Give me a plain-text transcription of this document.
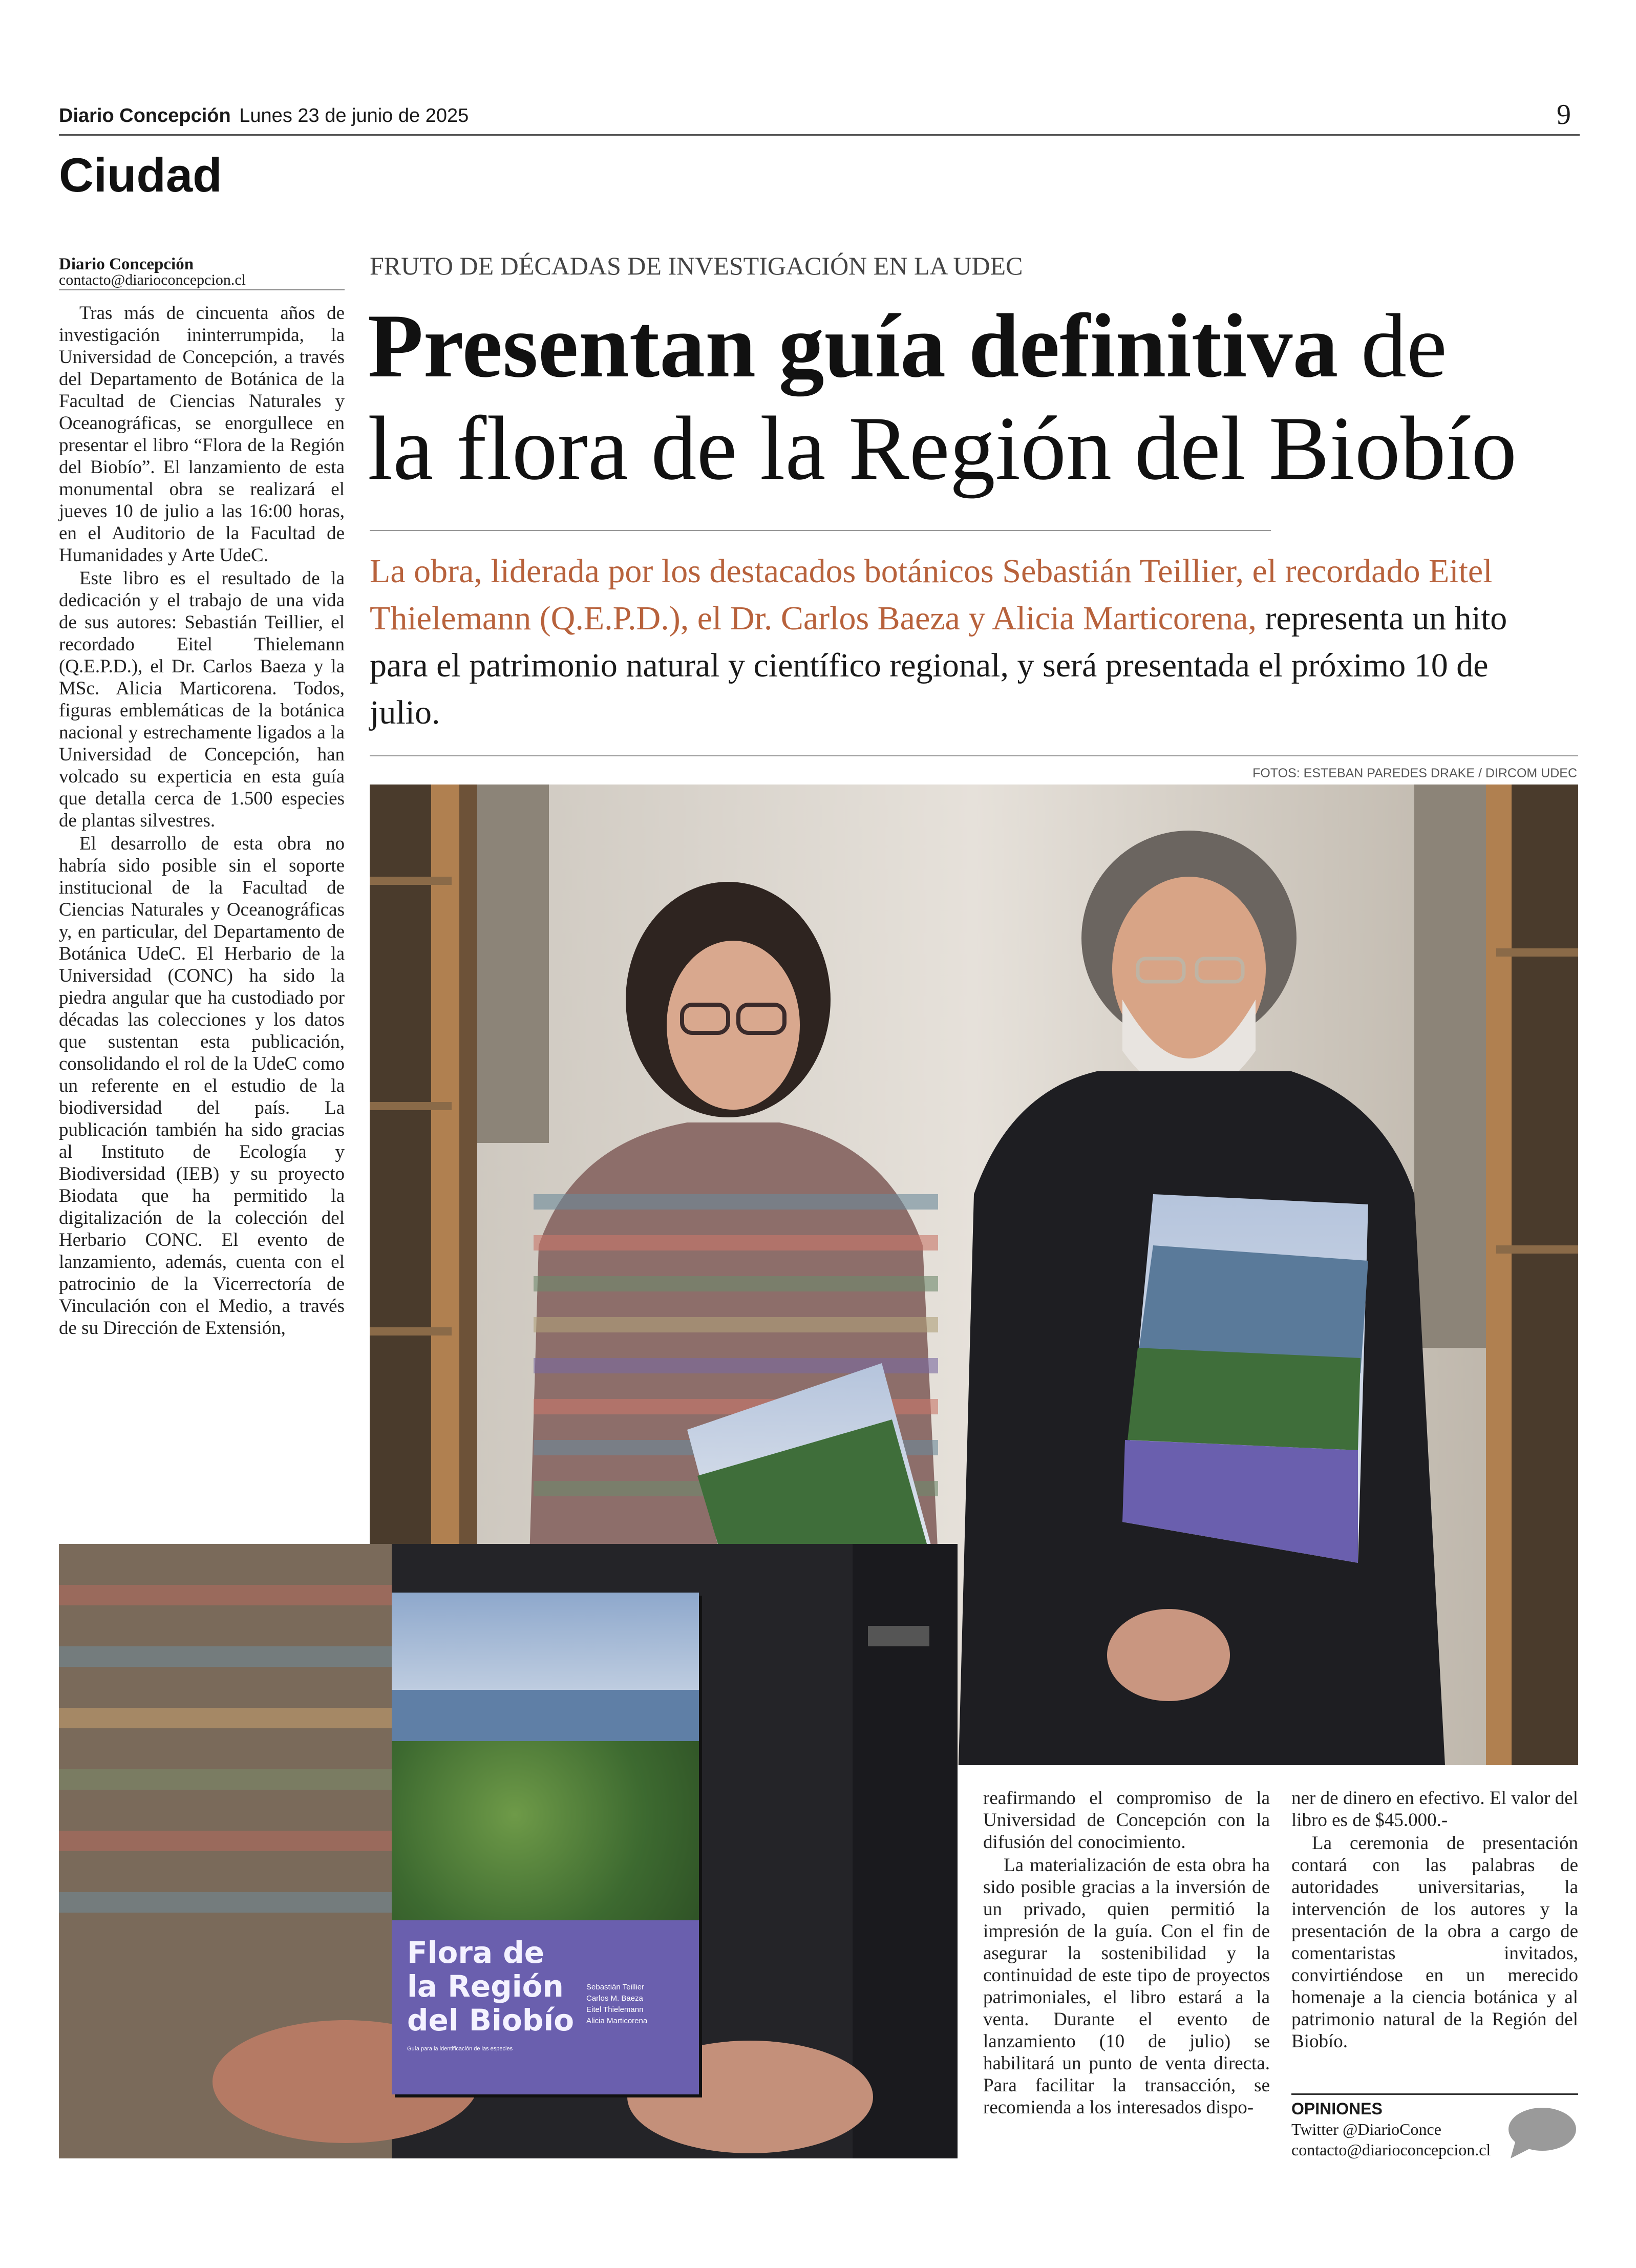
Diario Concepción Lunes 23 de junio de 2025	9
Ciudad
Diario Concepción
contacto@diarioconcepcion.cl

Tras más de cincuenta años de investigación ininterrumpida, la Universidad de Concepción, a través del Departamento de Botánica de la Facultad de Ciencias Naturales y Oceanográficas, se enorgullece en presentar el libro “Flora de la Región del Biobío”. El lanzamiento de esta monumental obra se realizará el jueves 10 de julio a las 16:00 horas, en el Auditorio de la Facultad de Humanidades y Arte UdeC.

Este libro es el resultado de la dedicación y el trabajo de una vida de sus autores: Sebastián Teillier, el recordado Eitel Thielemann (Q.E.P.D.), el Dr. Carlos Baeza y la MSc. Alicia Marticorena. Todos, figuras emblemáticas de la botánica nacional y estrechamente ligados a la Universidad de Concepción, han volcado su experticia en esta guía que detalla cerca de 1.500 especies de plantas silvestres.

El desarrollo de esta obra no habría sido posible sin el soporte institucional de la Facultad de Ciencias Naturales y Oceanográficas y, en particular, del Departamento de Botánica UdeC. El Herbario de la Universidad (CONC) ha sido la piedra angular que ha custodiado por décadas las colecciones y los datos que sustentan esta publicación, consolidando el rol de la UdeC como un referente en el estudio de la biodiversidad del país. La publicación también ha sido gracias al Instituto de Ecología y Biodiversidad (IEB) y su proyecto Biodata que ha permitido la digitalización de la colección del Herbario CONC. El evento de lanzamiento, además, cuenta con el patrocinio de la Vicerrectoría de Vinculación con el Medio, a través de su Dirección de Extensión,

FRUTO DE DÉCADAS DE INVESTIGACIÓN EN LA UDEC
Presentan guía definitiva de
la flora de la Región del Biobío
La obra, liderada por los destacados botánicos Sebastián Teillier, el recordado Eitel Thielemann (Q.E.P.D.), el Dr. Carlos Baeza y Alicia Marticorena, representa un hito para el patrimonio natural y científico regional, y será presentada el próximo 10 de julio.
FOTOS: ESTEBAN PAREDES DRAKE / DIRCOM UDEC
Flora de
la Región
del Biobío
Sebastián Teillier
Carlos M. Baeza
Eitel Thielemann
Alicia Marticorena
Guía para la identificación de las especies

reafirmando el compromiso de la Universidad de Concepción con la difusión del conocimiento.

La materialización de esta obra ha sido posible gracias a la inversión de un privado, quien permitió la impresión de la guía. Con el fin de asegurar la sostenibilidad y la continuidad de este tipo de proyectos patrimoniales, el libro estará a la venta. Durante el evento de lanzamiento (10 de julio) se habilitará un punto de venta directa. Para facilitar la transacción, se recomienda a los interesados dispo-

ner de dinero en efectivo. El valor del libro es de $45.000.-

La ceremonia de presentación contará con las palabras de autoridades universitarias, la intervención de los autores y la presentación de la obra a cargo de comentaristas invitados, convirtiéndose en un merecido homenaje a la ciencia botánica y al patrimonio natural de la Región del Biobío.

OPINIONES
Twitter @DiarioConce
contacto@diarioconcepcion.cl
